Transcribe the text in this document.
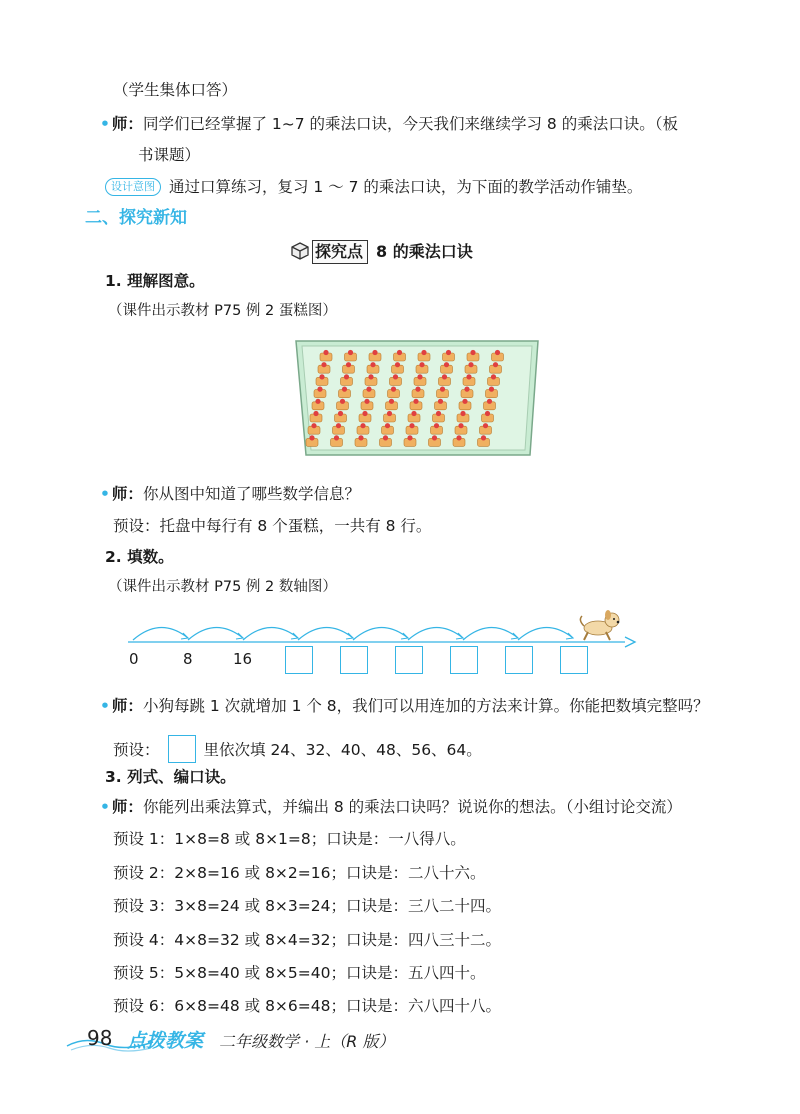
（学生集体口答）
• 师：同学们已经掌握了 1~7 的乘法口诀，今天我们来继续学习 8 的乘法口诀。（板
书课题）
设计意图 通过口算练习，复习 1 ～ 7 的乘法口诀，为下面的教学活动作铺垫。
二、探究新知
探究点 8 的乘法口诀
1. 理解图意。
（课件出示教材 P75 例 2 蛋糕图）
• 师：你从图中知道了哪些数学信息？
预设：托盘中每行有 8 个蛋糕，一共有 8 行。
2. 填数。
（课件出示教材 P75 例 2 数轴图）
0	8	16
• 师：小狗每跳 1 次就增加 1 个 8，我们可以用连加的方法来计算。你能把数填完整吗？
预设：	里依次填 24、32、40、48、56、64。
3. 列式、编口诀。
• 师：你能列出乘法算式，并编出 8 的乘法口诀吗？说说你的想法。（小组讨论交流）
预设 1：1×8=8 或 8×1=8；口诀是：一八得八。
预设 2：2×8=16 或 8×2=16；口诀是：二八十六。
预设 3：3×8=24 或 8×3=24；口诀是：三八二十四。
预设 4：4×8=32 或 8×4=32；口诀是：四八三十二。
预设 5：5×8=40 或 8×5=40；口诀是：五八四十。
预设 6：6×8=48 或 8×6=48；口诀是：六八四十八。
98 点拨教案 二年级数学 · 上（R 版）
